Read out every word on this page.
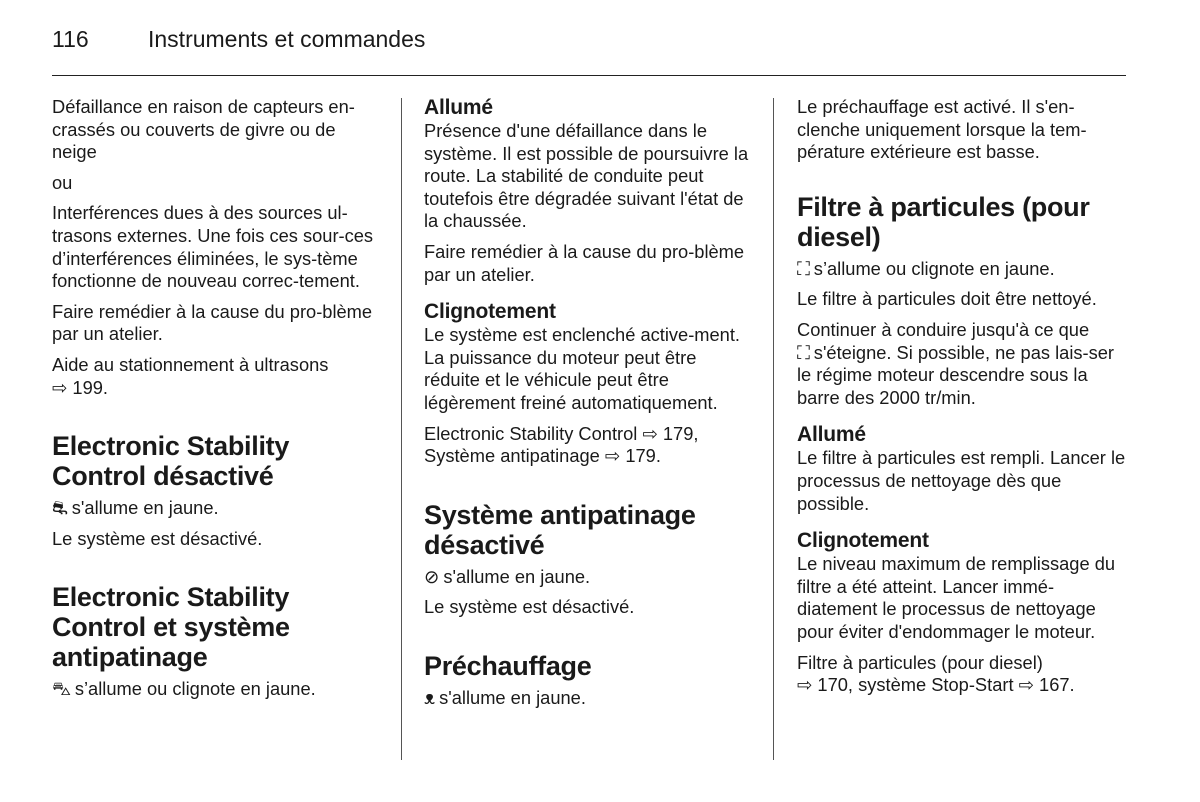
116	Instruments et commandes

Défaillance en raison de capteurs en-crassés ou couverts de givre ou de neige

ou

Interférences dues à des sources ul-trasons externes. Une fois ces sour-ces d’interférences éliminées, le sys-tème fonctionne de nouveau correc-tement.

Faire remédier à la cause du pro-blème par un atelier.

Aide au stationnement à ultrasons
⇨ 199.

Electronic Stability Control désactivé

⛐ s'allume en jaune.

Le système est désactivé.

Electronic Stability Control et système antipatinage

⛍ s’allume ou clignote en jaune.

Allumé

Présence d'une défaillance dans le système. Il est possible de poursuivre la route. La stabilité de conduite peut toutefois être dégradée suivant l'état de la chaussée.

Faire remédier à la cause du pro-blème par un atelier.

Clignotement

Le système est enclenché active-ment. La puissance du moteur peut être réduite et le véhicule peut être légèrement freiné automatiquement.

Electronic Stability Control ⇨ 179,
Système antipatinage ⇨ 179.

Système antipatinage désactivé

⊘ s'allume en jaune.

Le système est désactivé.

Préchauffage

ᴥ s'allume en jaune.

Le préchauffage est activé. Il s'en-clenche uniquement lorsque la tem-pérature extérieure est basse.

Filtre à particules (pour diesel)

⛶ s’allume ou clignote en jaune.

Le filtre à particules doit être nettoyé.

Continuer à conduire jusqu'à ce que
⛶ s'éteigne. Si possible, ne pas lais-ser le régime moteur descendre sous la barre des 2000 tr/min.

Allumé

Le filtre à particules est rempli. Lancer le processus de nettoyage dès que possible.

Clignotement

Le niveau maximum de remplissage du filtre a été atteint. Lancer immé-diatement le processus de nettoyage pour éviter d'endommager le moteur.

Filtre à particules (pour diesel)
⇨ 170, système Stop-Start ⇨ 167.
